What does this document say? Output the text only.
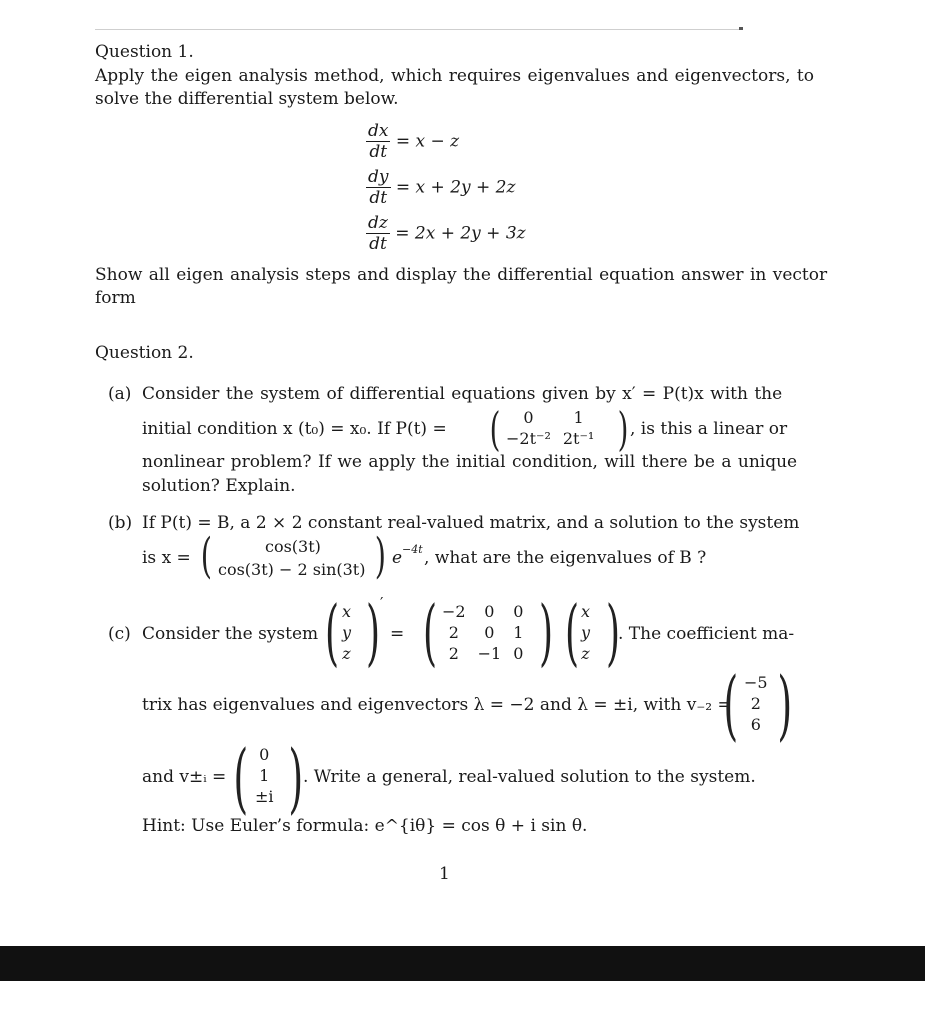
Question 1.
Apply the eigen analysis method, which requires eigenvalues and eigenvectors, to
solve the differential system below.
$\frac{dx}{dt} = x - z$
$\frac{dy}{dt} = x + 2y + 2z$
$\frac{dz}{dt} = 2x + 2y + 3z$
Show all eigen analysis steps and display the differential equation answer in vector
form
Question 2.
(a) Consider the system of differential equations given by x′ = P(t)x with the
initial condition x (t₀) = x₀. If P(t) = ( 0	1
−2t⁻²	2t⁻¹ ) , is this a linear or
nonlinear problem? If we apply the initial condition, will there be a unique
solution? Explain.
(b) If P(t) = B, a 2 × 2 constant real-valued matrix, and a solution to the system
is x = (	cos(3t)
cos(3t) − 2 sin(3t) ) e −4t , what are the eigenvalues of B ?
(c) Consider the system ( x
y
z ) ′
= ( −2	0	0
2	0	1
2	−1	0 ) ( x
y
z )
. The coefficient ma-
trix has eigenvalues and eigenvectors λ = −2 and λ = ±i, with v₋₂ =
( −5
2
6 )
and v±ᵢ = ( 0
1
±i ) . Write a general, real-valued solution to the system.
Hint: Use Euler’s formula: e^{iθ} = cos θ + i sin θ.
1
